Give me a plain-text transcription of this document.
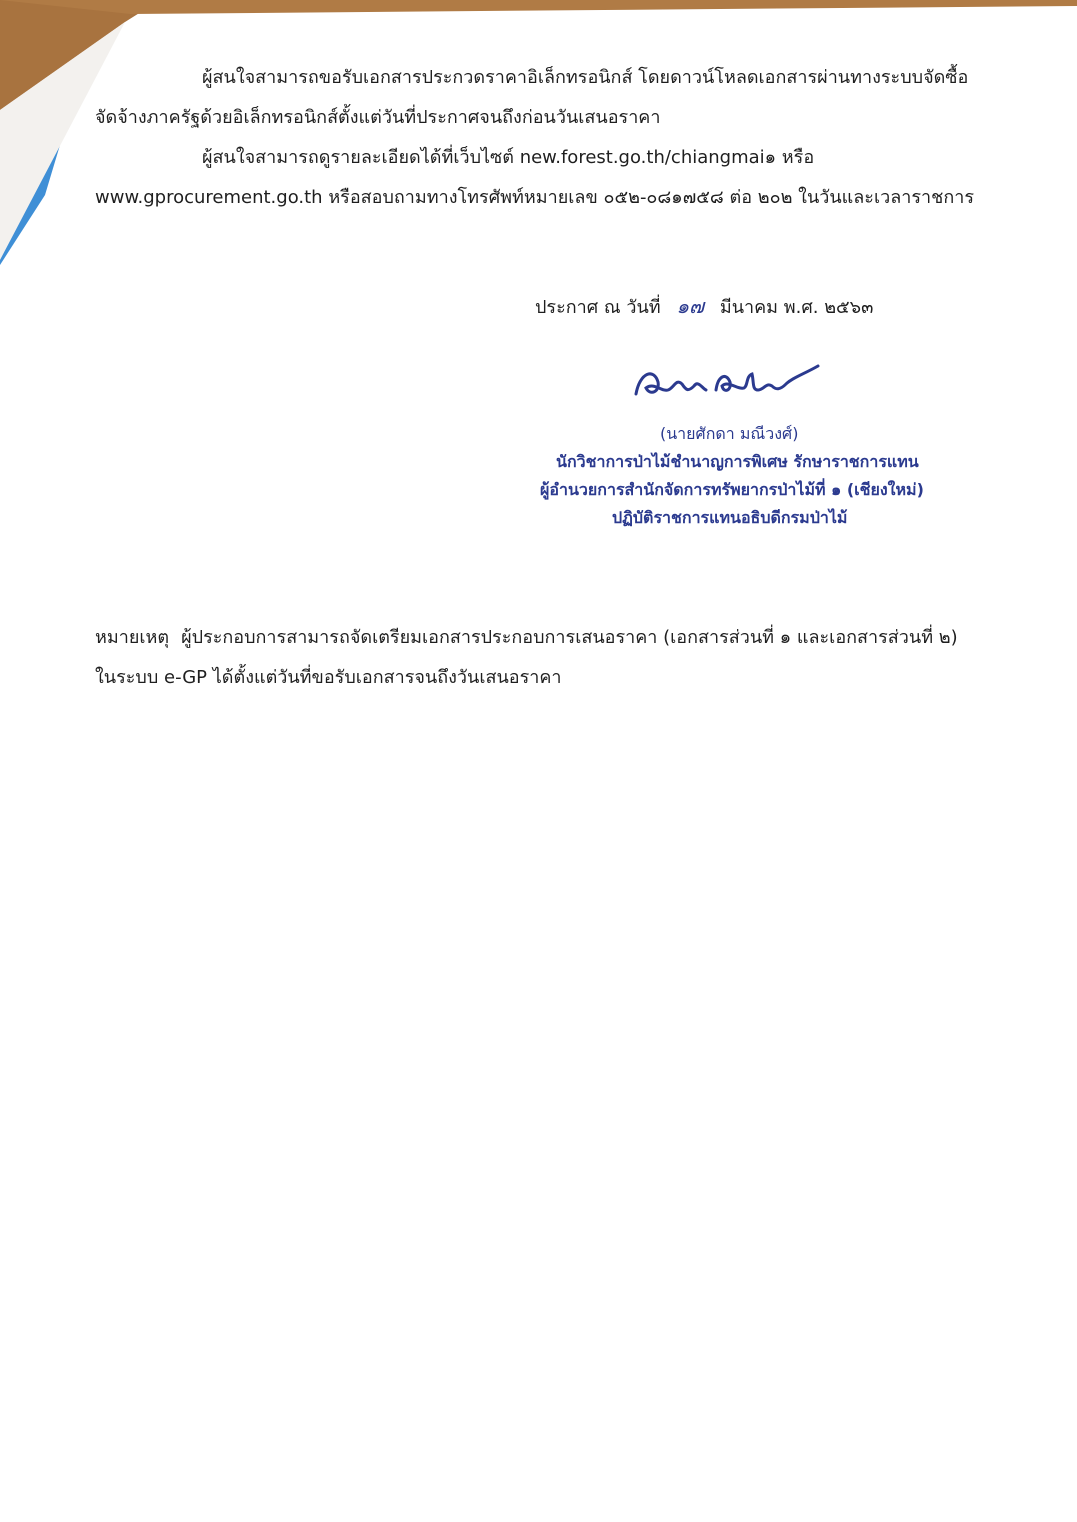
ผู้สนใจสามารถขอรับเอกสารประกวดราคาอิเล็กทรอนิกส์ โดยดาวน์โหลดเอกสารผ่านทางระบบจัดซื้อ
จัดจ้างภาครัฐด้วยอิเล็กทรอนิกส์ตั้งแต่วันที่ประกาศจนถึงก่อนวันเสนอราคา
ผู้สนใจสามารถดูรายละเอียดได้ที่เว็บไซต์ new.forest.go.th/chiangmai๑ หรือ
www.gprocurement.go.th หรือสอบถามทางโทรศัพท์หมายเลข ๐๕๒-๐๘๑๗๕๘ ต่อ ๒๐๒ ในวันและเวลาราชการ
ประกาศ ณ วันที่ ๑๗ มีนาคม พ.ศ. ๒๕๖๓
(นายศักดา มณีวงศ์)
นักวิชาการป่าไม้ชำนาญการพิเศษ รักษาราชการแทน
ผู้อำนวยการสำนักจัดการทรัพยากรป่าไม้ที่ ๑ (เชียงใหม่)
ปฏิบัติราชการแทนอธิบดีกรมป่าไม้
หมายเหตุ ผู้ประกอบการสามารถจัดเตรียมเอกสารประกอบการเสนอราคา (เอกสารส่วนที่ ๑ และเอกสารส่วนที่ ๒)
ในระบบ e-GP ได้ตั้งแต่วันที่ขอรับเอกสารจนถึงวันเสนอราคา
